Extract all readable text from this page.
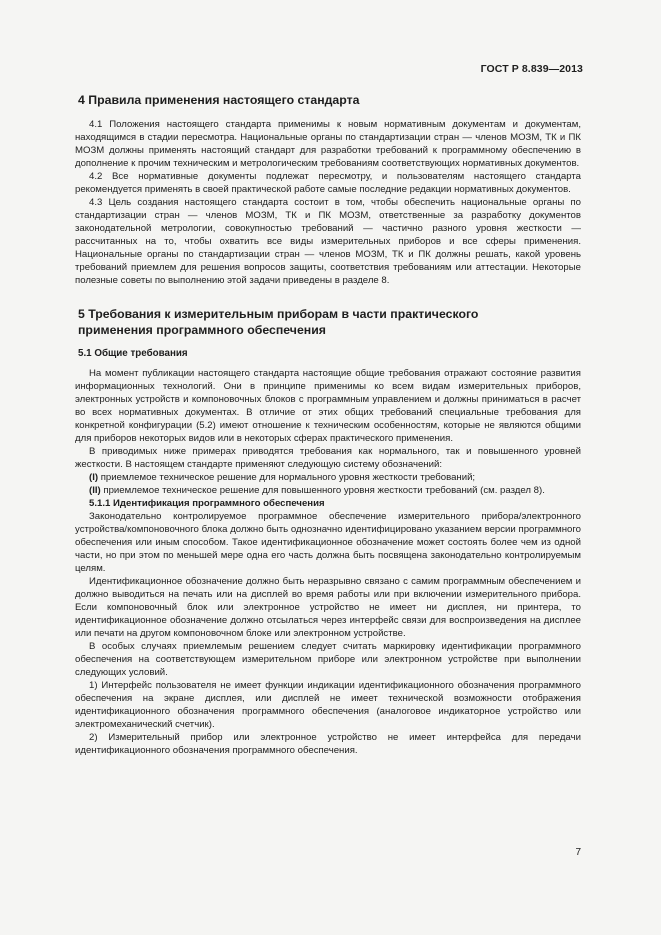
ГОСТ Р 8.839—2013
4 Правила применения настоящего стандарта

4.1 Положения настоящего стандарта применимы к новым нормативным документам и документам, находящимся в стадии пересмотра. Национальные органы по стандартизации стран — членов МОЗМ, ТК и ПК МОЗМ должны применять настоящий стандарт для разработки требований к программному обеспечению в дополнение к прочим техническим и метрологическим требованиям соответствующих нормативных документов.

4.2 Все нормативные документы подлежат пересмотру, и пользователям настоящего стандарта рекомендуется применять в своей практической работе самые последние редакции нормативных документов.

4.3 Цель создания настоящего стандарта состоит в том, чтобы обеспечить национальные органы по стандартизации стран — членов МОЗМ, ТК и ПК МОЗМ, ответственные за разработку документов законодательной метрологии, совокупностью требований — частично разного уровня жесткости — рассчитанных на то, чтобы охватить все виды измерительных приборов и все сферы применения. Национальные органы по стандартизации стран — членов МОЗМ, ТК и ПК должны решать, какой уровень требований приемлем для решения вопросов защиты, соответствия требованиям или аттестации. Некоторые полезные советы по выполнению этой задачи приведены в разделе 8.

5 Требования к измерительным приборам в части практического
применения программного обеспечения
5.1 Общие требования

На момент публикации настоящего стандарта настоящие общие требования отражают состояние развития информационных технологий. Они в принципе применимы ко всем видам измерительных приборов, электронных устройств и компоновочных блоков с программным управлением и должны приниматься в расчет во всех нормативных документах. В отличие от этих общих требований специальные требования для конкретной конфигурации (5.2) имеют отношение к техническим особенностям, которые не являются общими для приборов некоторых видов или в некоторых сферах практического применения.

В приводимых ниже примерах приводятся требования как нормального, так и повышенного уровней жесткости. В настоящем стандарте применяют следующую систему обозначений:

(I) приемлемое техническое решение для нормального уровня жесткости требований;

(II) приемлемое техническое решение для повышенного уровня жесткости требований (см. раздел 8).

5.1.1 Идентификация программного обеспечения

Законодательно контролируемое программное обеспечение измерительного прибора/электронного устройства/компоновочного блока должно быть однозначно идентифицировано указанием версии программного обеспечения или иным способом. Такое идентификационное обозначение может состоять более чем из одной части, но при этом по меньшей мере одна его часть должна быть посвящена законодательно контролируемым целям.

Идентификационное обозначение должно быть неразрывно связано с самим программным обеспечением и должно выводиться на печать или на дисплей во время работы или при включении измерительного прибора. Если компоновочный блок или электронное устройство не имеет ни дисплея, ни принтера, то идентификационное обозначение должно отсылаться через интерфейс связи для воспроизведения на дисплее или печати на другом компоновочном блоке или электронном устройстве.

В особых случаях приемлемым решением следует считать маркировку идентификации программного обеспечения на соответствующем измерительном приборе или электронном устройстве при выполнении следующих условий.

1) Интерфейс пользователя не имеет функции индикации идентификационного обозначения программного обеспечения на экране дисплея, или дисплей не имеет технической возможности отображения идентификационного обозначения программного обеспечения (аналоговое индикаторное устройство или электромеханический счетчик).

2) Измерительный прибор или электронное устройство не имеет интерфейса для передачи идентификационного обозначения программного обеспечения.

7
